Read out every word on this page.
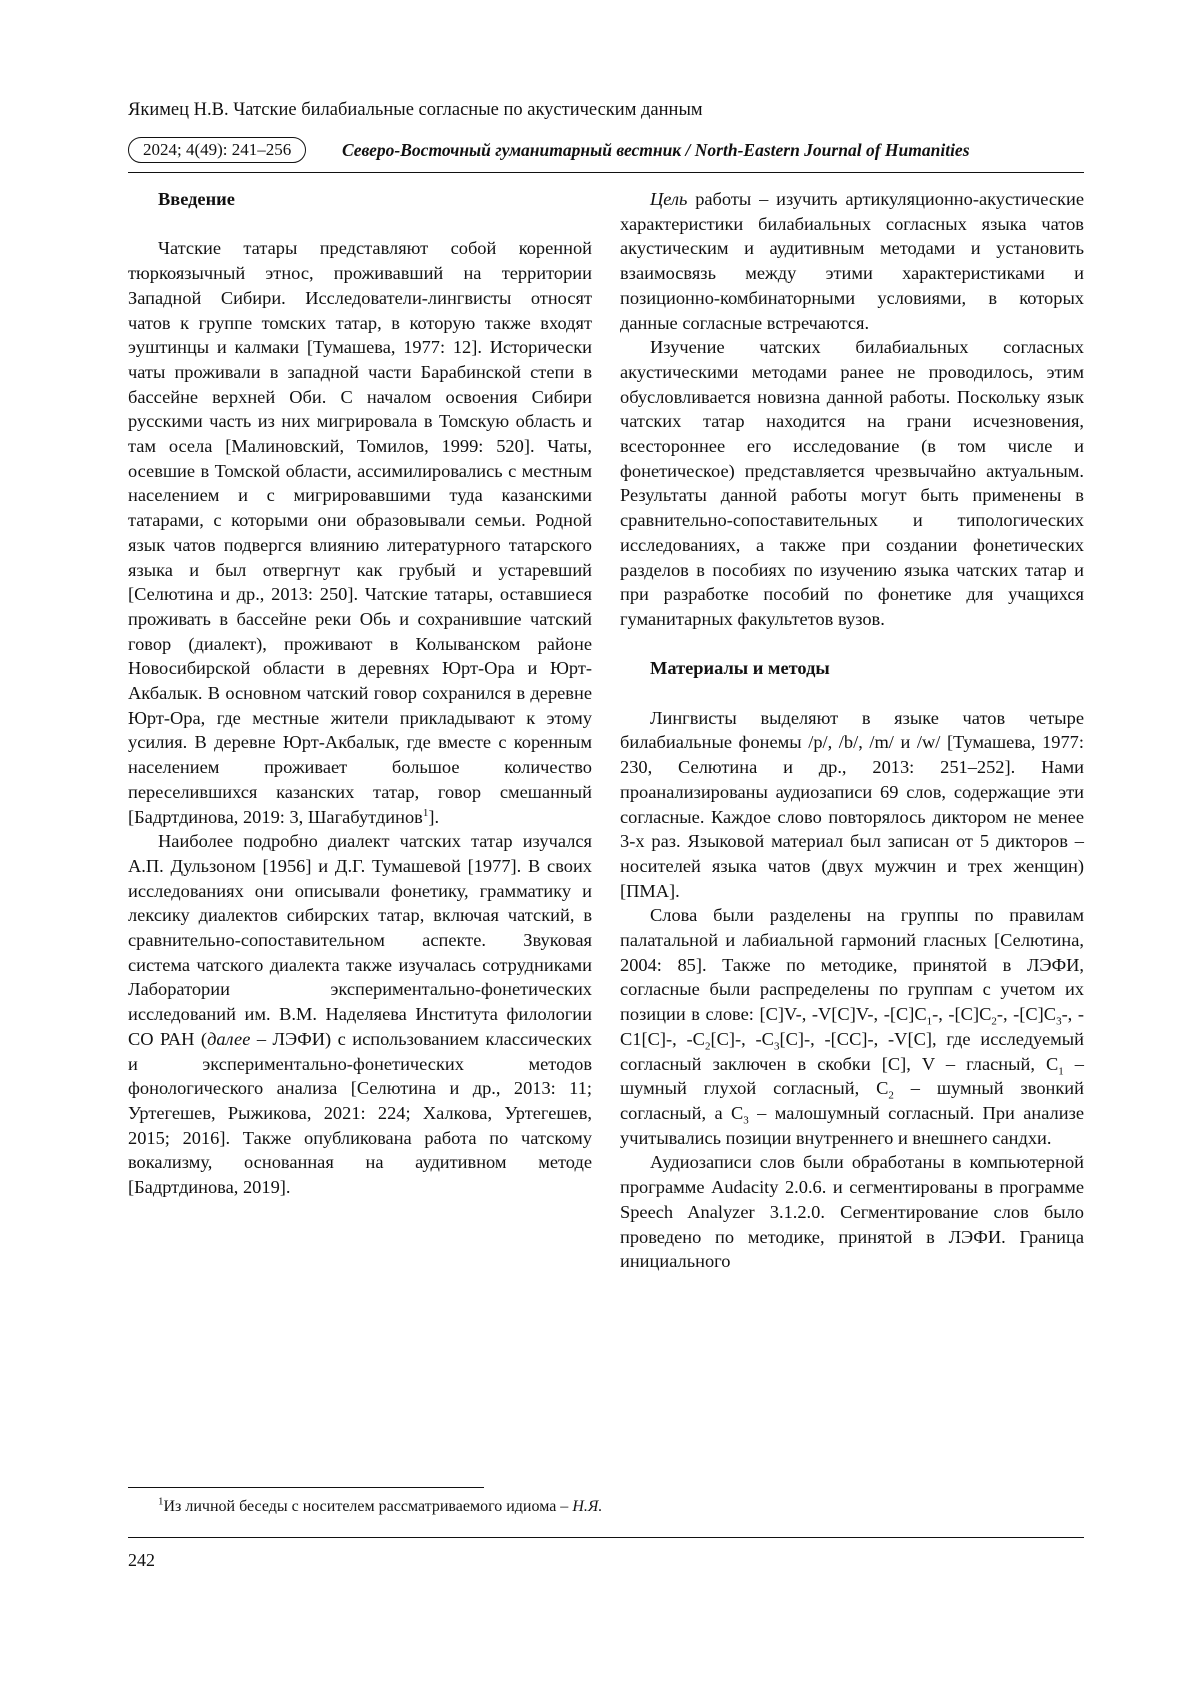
Якимец Н.В. Чатские билабиальные согласные по акустическим данным
2024; 4(49): 241–256	Северо-Восточный гуманитарный вестник / North-Eastern Journal of Humanities
Введение

Чатские татары представляют собой коренной тюркоязычный этнос, проживавший на территории Западной Сибири. Исследователи-лингвисты относят чатов к группе томских татар, в которую также входят эуштинцы и калмаки [Тумашева, 1977: 12]. Исторически чаты проживали в западной части Барабинской степи в бассейне верхней Оби. С началом освоения Сибири русскими часть из них мигрировала в Томскую область и там осела [Малиновский, Томилов, 1999: 520]. Чаты, осевшие в Томской области, ассимилировались с местным населением и с мигрировавшими туда казанскими татарами, с которыми они образовывали семьи. Родной язык чатов подвергся влиянию литературного татарского языка и был отвергнут как грубый и устаревший [Селютина и др., 2013: 250]. Чатские татары, оставшиеся проживать в бассейне реки Обь и сохранившие чатский говор (диалект), проживают в Колыванском районе Новосибирской области в деревнях Юрт-Ора и Юрт-Акбалык. В основном чатский говор сохранился в деревне Юрт-Ора, где местные жители прикладывают к этому усилия. В деревне Юрт-Акбалык, где вместе с коренным населением проживает большое количество переселившихся казанских татар, говор смешанный [Бадртдинова, 2019: 3, Шагабутдинов$^1$].

Наиболее подробно диалект чатских татар изучался А.П. Дульзоном [1956] и Д.Г. Тумашевой [1977]. В своих исследованиях они описывали фонетику, грамматику и лексику диалектов сибирских татар, включая чатский, в сравнительно-сопоставительном аспекте. Звуковая система чатского диалекта также изучалась сотрудниками Лаборатории экспериментально-фонетических исследований им. В.М. Наделяева Института филологии СО РАН (далее – ЛЭФИ) с использованием классических и экспериментально-фонетических методов фонологического анализа [Селютина и др., 2013: 11; Уртегешев, Рыжикова, 2021: 224; Халкова, Уртегешев, 2015; 2016]. Также опубликована работа по чатскому вокализму, основанная на аудитивном методе [Бадртдинова, 2019].

Цель работы – изучить артикуляционно-акустические характеристики билабиальных согласных языка чатов акустическим и аудитивным методами и установить взаимосвязь между этими характеристиками и позиционно-комбинаторными условиями, в которых данные согласные встречаются.

Изучение чатских билабиальных согласных акустическими методами ранее не проводилось, этим обусловливается новизна данной работы. Поскольку язык чатских татар находится на грани исчезновения, всестороннее его исследование (в том числе и фонетическое) представляется чрезвычайно актуальным. Результаты данной работы могут быть применены в сравнительно-сопоставительных и типологических исследованиях, а также при создании фонетических разделов в пособиях по изучению языка чатских татар и при разработке пособий по фонетике для учащихся гуманитарных факультетов вузов.

Материалы и методы

Лингвисты выделяют в языке чатов четыре билабиальные фонемы /p/, /b/, /m/ и /w/ [Тумашева, 1977: 230, Селютина и др., 2013: 251–252]. Нами проанализированы аудиозаписи 69 слов, содержащие эти согласные. Каждое слово повторялось диктором не менее 3-х раз. Языковой материал был записан от 5 дикторов – носителей языка чатов (двух мужчин и трех женщин) [ПМА].

Слова были разделены на группы по правилам палатальной и лабиальной гармоний гласных [Селютина, 2004: 85]. Также по методике, принятой в ЛЭФИ, согласные были распределены по группам с учетом их позиции в слове: [C]V-, -V[C]V-, $-[C]C_1-$, $-[C]C_2-$, $-[C]C_3-$, -C1[C]-, $-C_2[C]-$, $-C_3[C]-$, -[CC]-, -V[C], где исследуемый согласный заключен в скобки [C], V – гласный, $C_1$ – шумный глухой согласный, $C_2$ – шумный звонкий согласный, а $C_3$ – малошумный согласный. При анализе учитывались позиции внутреннего и внешнего сандхи.

Аудиозаписи слов были обработаны в компьютерной программе Audacity 2.0.6. и сегментированы в программе Speech Analyzer 3.1.2.0. Сегментирование слов было проведено по методике, принятой в ЛЭФИ. Граница инициального

$^1$Из личной беседы с носителем рассматриваемого идиома – Н.Я.
242
